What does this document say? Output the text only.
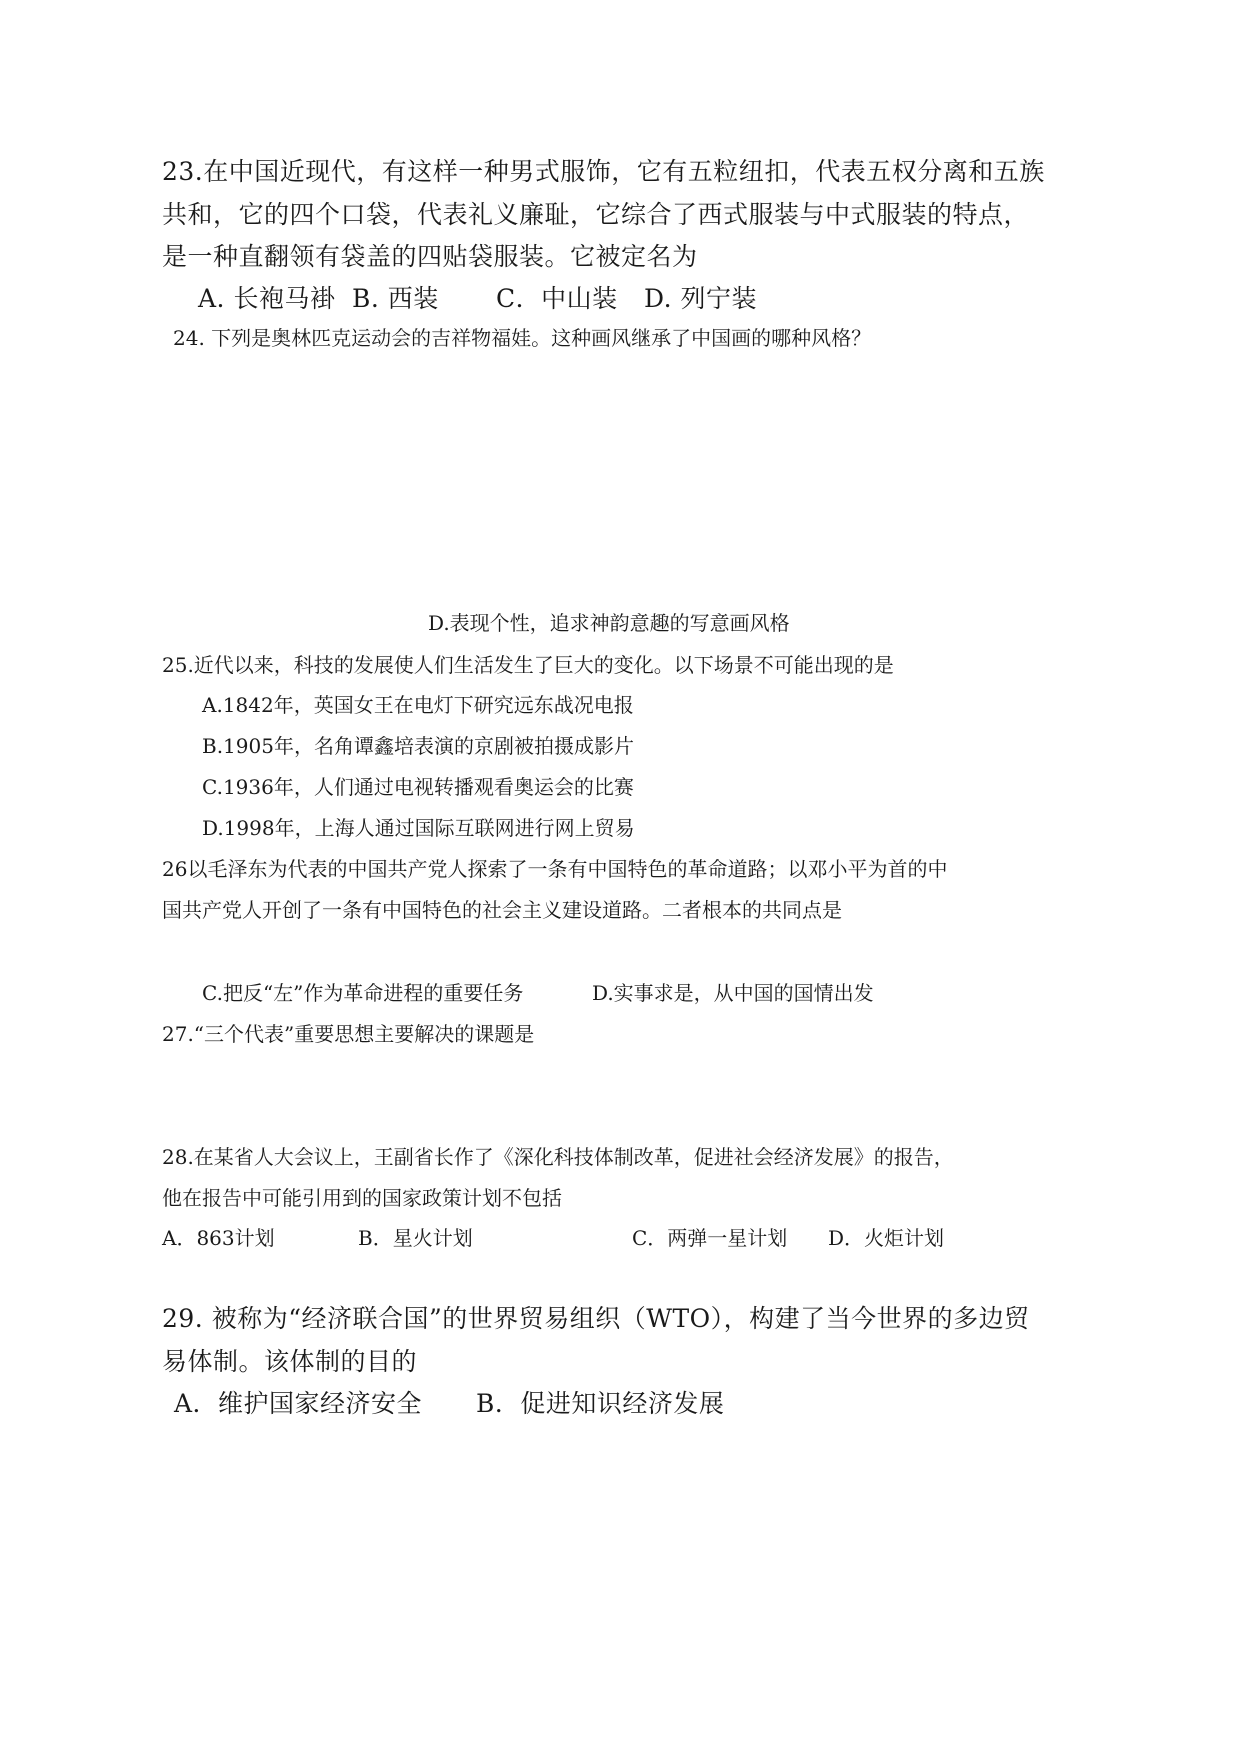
23.在中国近现代，有这样一种男式服饰，它有五粒纽扣，代表五权分离和五族
共和，它的四个口袋，代表礼义廉耻，它综合了西式服装与中式服装的特点，
是一种直翻领有袋盖的四贴袋服装。它被定名为
A. 长袍马褂 B. 西装 C．中山装 D. 列宁装
24. 下列是奥林匹克运动会的吉祥物福娃。这种画风继承了中国画的哪种风格？
D.表现个性，追求神韵意趣的写意画风格
25.近代以来，科技的发展使人们生活发生了巨大的变化。以下场景不可能出现的是
A.1842年，英国女王在电灯下研究远东战况电报
B.1905年，名角谭鑫培表演的京剧被拍摄成影片
C.1936年，人们通过电视转播观看奥运会的比赛
D.1998年，上海人通过国际互联网进行网上贸易
26以毛泽东为代表的中国共产党人探索了一条有中国特色的革命道路；以邓小平为首的中
国共产党人开创了一条有中国特色的社会主义建设道路。二者根本的共同点是
C.把反“左”作为革命进程的重要任务	D.实事求是，从中国的国情出发
27.“三个代表”重要思想主要解决的课题是
28.在某省人大会议上，王副省长作了《深化科技体制改革，促进社会经济发展》的报告，
他在报告中可能引用到的国家政策计划不包括
A．863计划	B．星火计划	C．两弹一星计划 D．火炬计划
29. 被称为“经济联合国”的世界贸易组织（WTO），构建了当今世界的多边贸
易体制。该体制的目的
A．维护国家经济安全 B．促进知识经济发展
